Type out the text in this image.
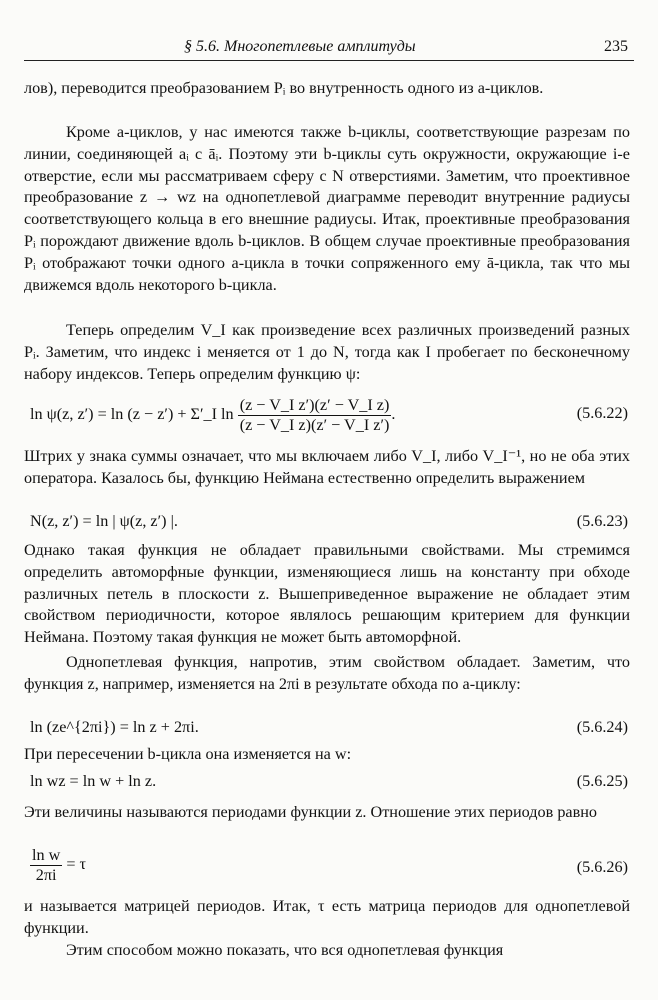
§ 5.6. Многопетлевые амплитуды	235

лов), переводится преобразованием Pᵢ во внутренность одного из a-циклов.

Кроме a-циклов, у нас имеются также b-циклы, соответствующие разрезам по линии, соединяющей aᵢ с āᵢ. Поэтому эти b-циклы суть окружности, окружающие i-е отверстие, если мы рассматриваем сферу с N отверстиями. Заметим, что проективное преобразование z → wz на однопетлевой диаграмме переводит внутренние радиусы соответствующего кольца в его внешние радиусы. Итак, проективные преобразования Pᵢ порождают движение вдоль b-циклов. В общем случае проективные преобразования Pᵢ отображают точки одного a-цикла в точки сопряженного ему ā-цикла, так что мы движемся вдоль некоторого b-цикла.

Теперь определим V_I как произведение всех различных произведений разных Pᵢ. Заметим, что индекс i меняется от 1 до N, тогда как I пробегает по бесконечному набору индексов. Теперь определим функцию ψ:

ln ψ(z, z′) = ln (z − z′) + Σ′_I $\ln \frac{\text{(z − V\_I z′)(z′ − V\_I z)}}{\text{(z − V\_I z)(z′ − V\_I z′)}}$ .	(5.6.22)

Штрих у знака суммы означает, что мы включаем либо V_I, либо V_I⁻¹, но не оба этих оператора. Казалось бы, функцию Неймана естественно определить выражением

N(z, z′) = ln | ψ(z, z′) |.	(5.6.23)

Однако такая функция не обладает правильными свойствами. Мы стремимся определить автоморфные функции, изменяющиеся лишь на константу при обходе различных петель в плоскости z. Вышеприведенное выражение не обладает этим свойством периодичности, которое являлось решающим критерием для функции Неймана. Поэтому такая функция не может быть автоморфной.

Однопетлевая функция, напротив, этим свойством обладает. Заметим, что функция z, например, изменяется на 2πi в результате обхода по a-циклу:

ln (ze^{2πi}) = ln z + 2πi.	(5.6.24)

При пересечении b-цикла она изменяется на w:

ln wz = ln w + ln z.	(5.6.25)

Эти величины называются периодами функции z. Отношение этих периодов равно

$\frac{\text{ln w}}{2\pi i} = \tau$	(5.6.26)

и называется матрицей периодов. Итак, τ есть матрица периодов для однопетлевой функции.

Этим способом можно показать, что вся однопетлевая функция
